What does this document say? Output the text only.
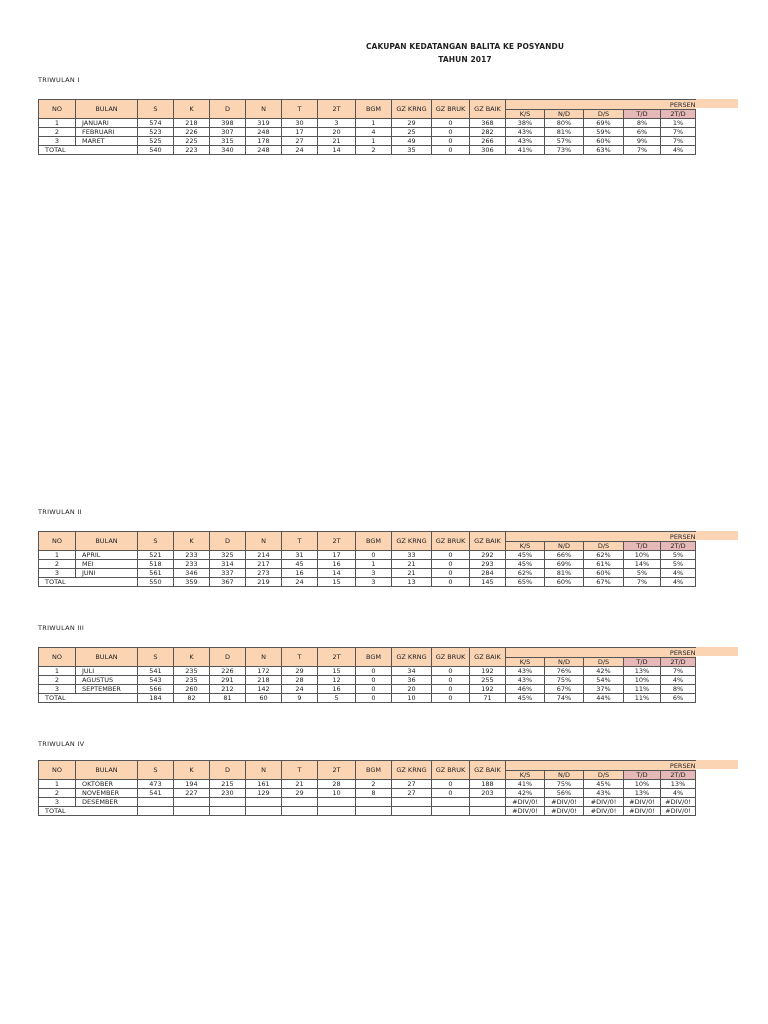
CAKUPAN KEDATANGAN BALITA KE POSYANDU
TAHUN 2017
TRIWULAN I
NO	BULAN	S	K	D	N	T	2T	BGM	GZ KRNG	GZ BRUK	GZ BAIK	PERSEN				
												K/S	N/D	D/S	T/D	2T/D
1	JANUARI	574	218	398	319	30	3	1	29	0	368	38%	80%	69%	8%	1%
2	FEBRUARI	523	226	307	248	17	20	4	25	0	282	43%	81%	59%	6%	7%
3	MARET	525	225	315	178	27	21	1	49	0	266	43%	57%	60%	9%	7%
TOTAL		540	223	340	248	24	14	2	35	0	306	41%	73%	63%	7%	4%
TRIWULAN II
NO	BULAN	S	K	D	N	T	2T	BGM	GZ KRNG	GZ BRUK	GZ BAIK	PERSEN				
												K/S	N/D	D/S	T/D	2T/D
1	APRIL	521	233	325	214	31	17	0	33	0	292	45%	66%	62%	10%	5%
2	MEI	518	233	314	217	45	16	1	21	0	293	45%	69%	61%	14%	5%
3	JUNI	561	346	337	273	16	14	3	21	0	284	62%	81%	60%	5%	4%
TOTAL		550	359	367	219	24	15	3	13	0	145	65%	60%	67%	7%	4%
TRIWULAN III
NO	BULAN	S	K	D	N	T	2T	BGM	GZ KRNG	GZ BRUK	GZ BAIK	PERSEN				
												K/S	N/D	D/S	T/D	2T/D
1	JULI	541	235	226	172	29	15	0	34	0	192	43%	76%	42%	13%	7%
2	AGUSTUS	543	235	291	218	28	12	0	36	0	255	43%	75%	54%	10%	4%
3	SEPTEMBER	566	260	212	142	24	16	0	20	0	192	46%	67%	37%	11%	8%
TOTAL		184	82	81	60	9	5	0	10	0	71	45%	74%	44%	11%	6%
TRIWULAN IV
NO	BULAN	S	K	D	N	T	2T	BGM	GZ KRNG	GZ BRUK	GZ BAIK	PERSEN				
												K/S	N/D	D/S	T/D	2T/D
1	OKTOBER	473	194	215	161	21	28	2	27	0	188	41%	75%	45%	10%	13%
2	NOVEMBER	541	227	230	129	29	10	8	27	0	203	42%	56%	43%	13%	4%
3	DESEMBER											#DIV/0!	#DIV/0!	#DIV/0!	#DIV/0!	#DIV/0!
TOTAL												#DIV/0!	#DIV/0!	#DIV/0!	#DIV/0!	#DIV/0!
